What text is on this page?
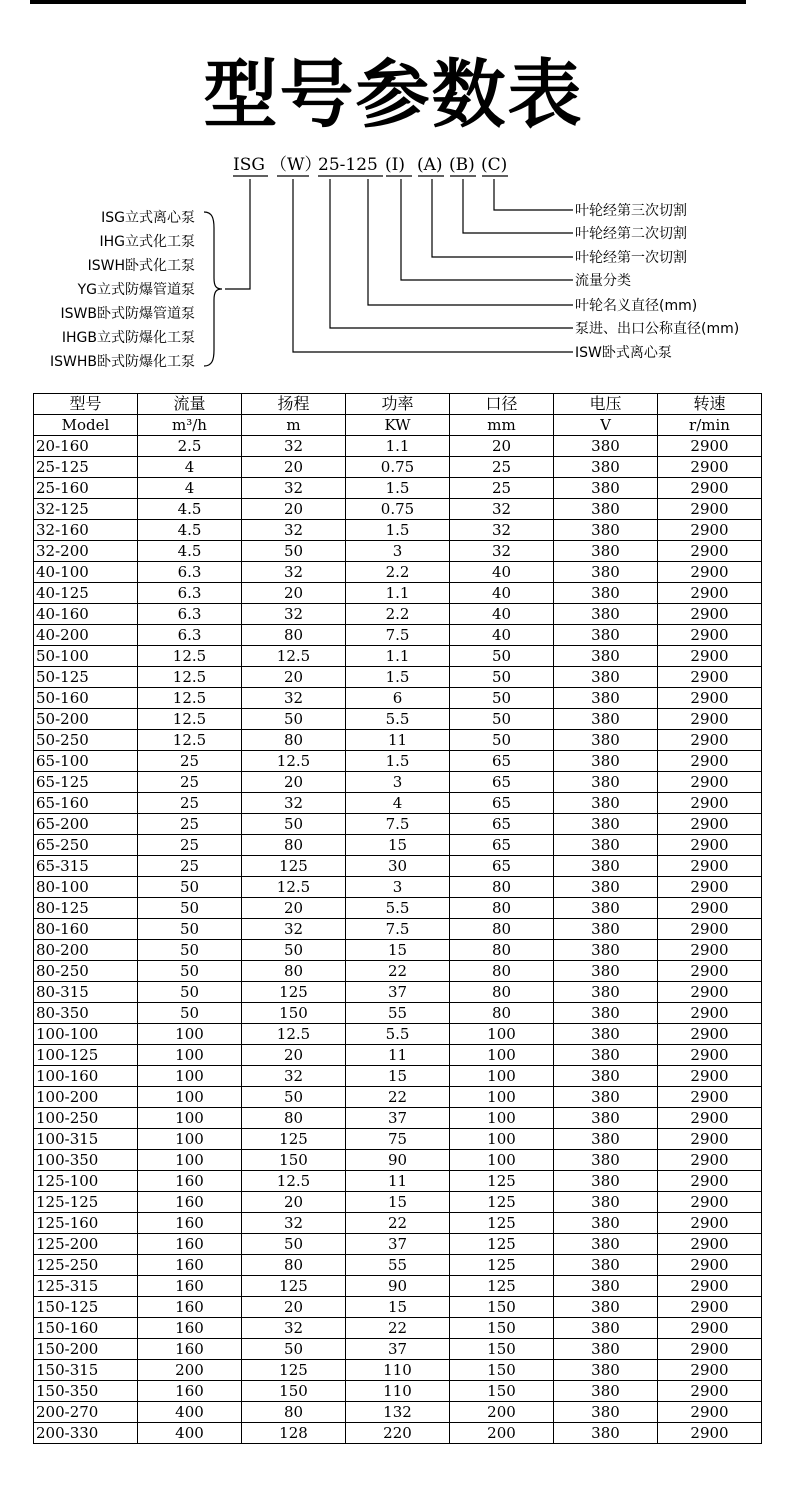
型号参数表
ISG （W）
25-125 (I) (A) (B) (C)
ISG立式离心泵
IHG立式化工泵
ISWH卧式化工泵
YG立式防爆管道泵
ISWB卧式防爆管道泵
IHGB立式防爆化工泵
ISWHB卧式防爆化工泵
叶轮经第三次切割
叶轮经第二次切割
叶轮经第一次切割
流量分类
叶轮名义直径(mm)
泵进、出口公称直径(mm)
ISW卧式离心泵
型号	流量	扬程	功率	口径	电压	转速
Model	m³/h	m	KW	mm	V	r/min
20-160	2.5	32	1.1	20	380	2900
25-125	4	20	0.75	25	380	2900
25-160	4	32	1.5	25	380	2900
32-125	4.5	20	0.75	32	380	2900
32-160	4.5	32	1.5	32	380	2900
32-200	4.5	50	3	32	380	2900
40-100	6.3	32	2.2	40	380	2900
40-125	6.3	20	1.1	40	380	2900
40-160	6.3	32	2.2	40	380	2900
40-200	6.3	80	7.5	40	380	2900
50-100	12.5	12.5	1.1	50	380	2900
50-125	12.5	20	1.5	50	380	2900
50-160	12.5	32	6	50	380	2900
50-200	12.5	50	5.5	50	380	2900
50-250	12.5	80	11	50	380	2900
65-100	25	12.5	1.5	65	380	2900
65-125	25	20	3	65	380	2900
65-160	25	32	4	65	380	2900
65-200	25	50	7.5	65	380	2900
65-250	25	80	15	65	380	2900
65-315	25	125	30	65	380	2900
80-100	50	12.5	3	80	380	2900
80-125	50	20	5.5	80	380	2900
80-160	50	32	7.5	80	380	2900
80-200	50	50	15	80	380	2900
80-250	50	80	22	80	380	2900
80-315	50	125	37	80	380	2900
80-350	50	150	55	80	380	2900
100-100	100	12.5	5.5	100	380	2900
100-125	100	20	11	100	380	2900
100-160	100	32	15	100	380	2900
100-200	100	50	22	100	380	2900
100-250	100	80	37	100	380	2900
100-315	100	125	75	100	380	2900
100-350	100	150	90	100	380	2900
125-100	160	12.5	11	125	380	2900
125-125	160	20	15	125	380	2900
125-160	160	32	22	125	380	2900
125-200	160	50	37	125	380	2900
125-250	160	80	55	125	380	2900
125-315	160	125	90	125	380	2900
150-125	160	20	15	150	380	2900
150-160	160	32	22	150	380	2900
150-200	160	50	37	150	380	2900
150-315	200	125	110	150	380	2900
150-350	160	150	110	150	380	2900
200-270	400	80	132	200	380	2900
200-330	400	128	220	200	380	2900
